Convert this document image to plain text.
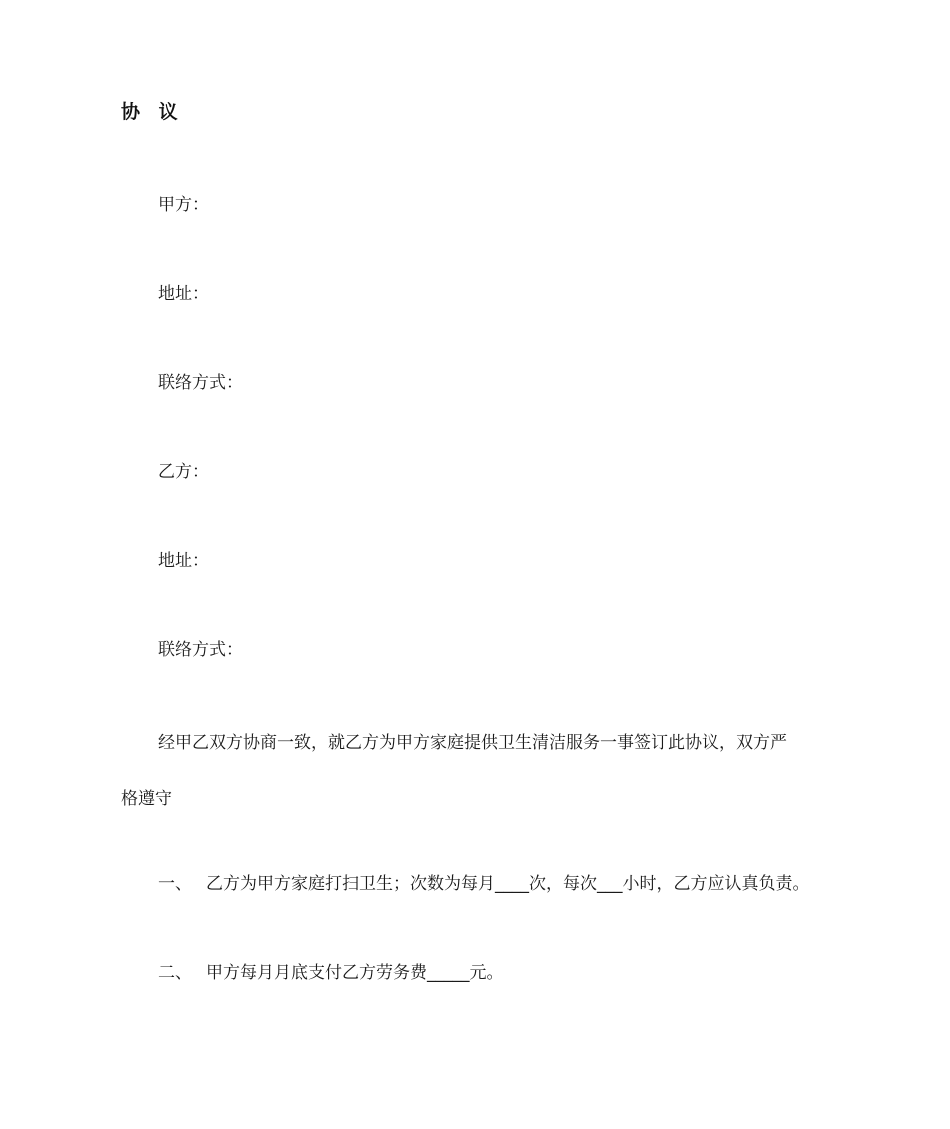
协 议

甲方：

地址：

联络方式：

乙方：

地址：

联络方式：

经甲乙双方协商一致，就乙方为甲方家庭提供卫生清洁服务一事签订此协议，双方严
格遵守

一、 乙方为甲方家庭打扫卫生；次数为每月____次，每次___小时，乙方应认真负责。

二、 甲方每月月底支付乙方劳务费_____元。
